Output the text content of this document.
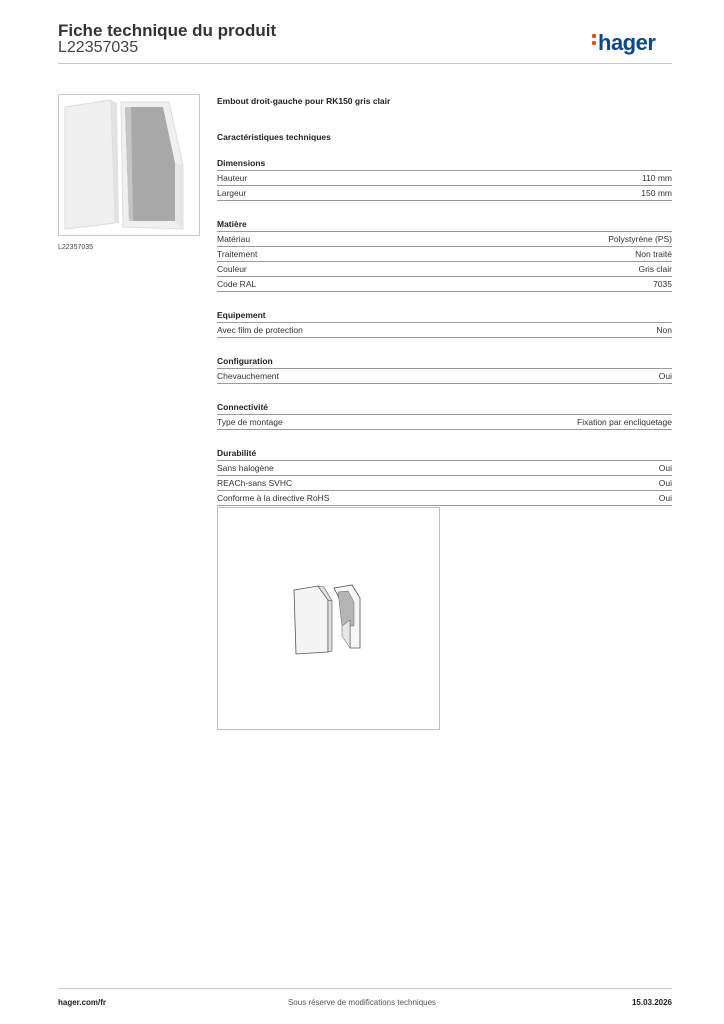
Fiche technique du produit
L22357035	hager
L22357035
Embout droit-gauche pour RK150 gris clair
Caractéristiques techniques
Dimensions
Hauteur	110 mm
Largeur	150 mm
Matière
Matériau	Polystyrène (PS)
Traitement	Non traité
Couleur	Gris clair
Code RAL	7035
Equipement
Avec film de protection	Non
Configuration
Chevauchement	Oui
Connectivité
Type de montage	Fixation par encliquetage
Durabilité
Sans halogène	Oui
REACh-sans SVHC	Oui
Conforme à la directive RoHS	Oui
hager.com/fr	Sous réserve de modifications techniques	15.03.2026
